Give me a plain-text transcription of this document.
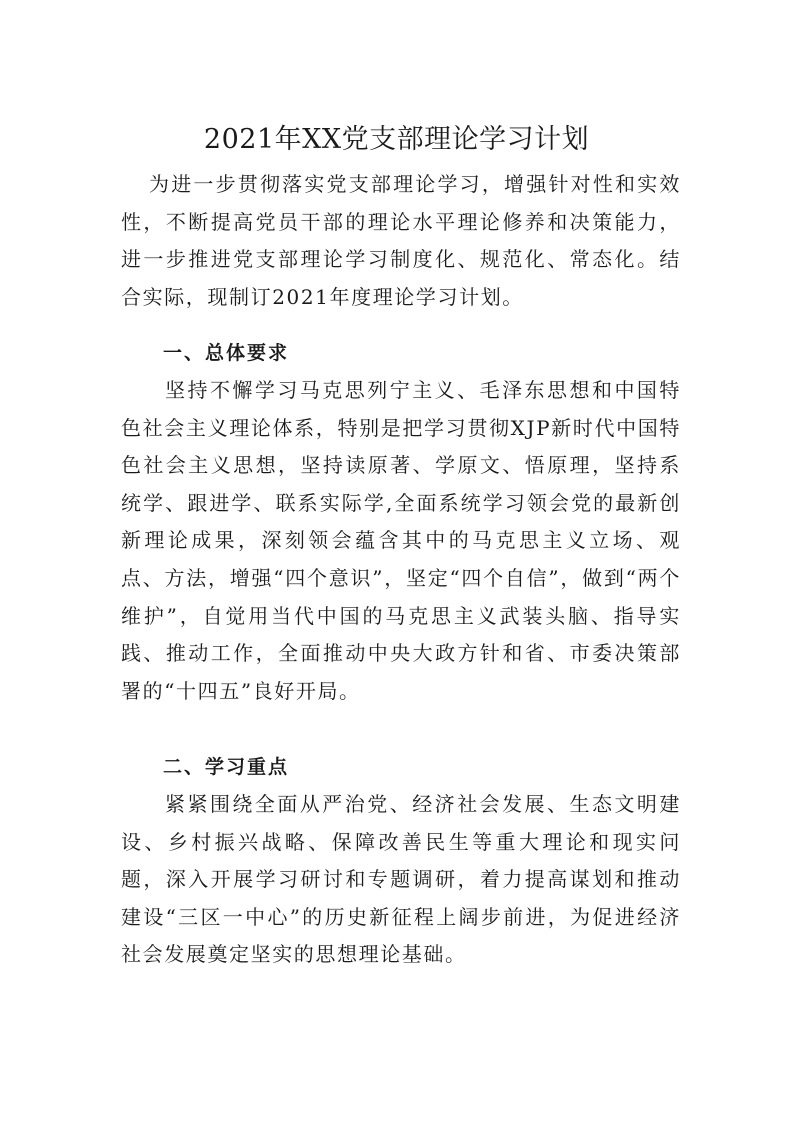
2021年XX党支部理论学习计划

为进一步贯彻落实党支部理论学习，增强针对性和实效性，不断提高党员干部的理论水平理论修养和决策能力，进一步推进党支部理论学习制度化、规范化、常态化。结合实际，现制订2021年度理论学习计划。

一、总体要求

坚持不懈学习马克思列宁主义、毛泽东思想和中国特色社会主义理论体系，特别是把学习贯彻XJP新时代中国特色社会主义思想，坚持读原著、学原文、悟原理，坚持系统学、跟进学、联系实际学,全面系统学习领会党的最新创新理论成果，深刻领会蕴含其中的马克思主义立场、观点、方法，增强“四个意识”，坚定“四个自信”，做到“两个维护”，自觉用当代中国的马克思主义武装头脑、指导实践、推动工作，全面推动中央大政方针和省、市委决策部署的“十四五”良好开局。

二、学习重点

紧紧围绕全面从严治党、经济社会发展、生态文明建设、乡村振兴战略、保障改善民生等重大理论和现实问题，深入开展学习研讨和专题调研，着力提高谋划和推动建设“三区一中心”的历史新征程上阔步前进，为促进经济社会发展奠定坚实的思想理论基础。
